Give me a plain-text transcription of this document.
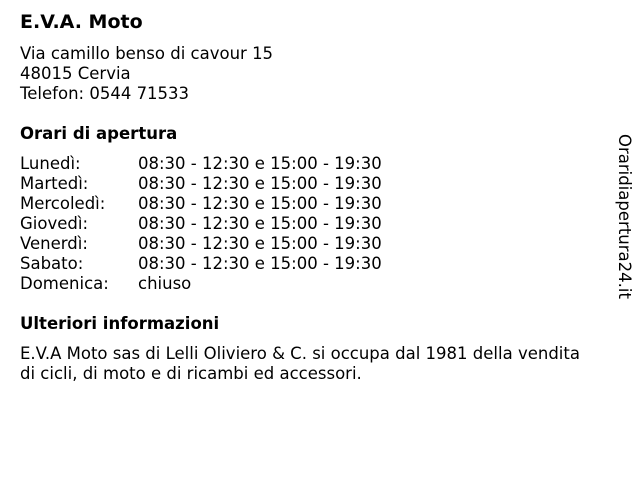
E.V.A. Moto
Via camillo benso di cavour 15
48015 Cervia
Telefon: 0544 71533
Orari di apertura
Lunedì:	08:30 - 12:30 e 15:00 - 19:30
Martedì:	08:30 - 12:30 e 15:00 - 19:30
Mercoledì:	08:30 - 12:30 e 15:00 - 19:30
Giovedì:	08:30 - 12:30 e 15:00 - 19:30
Venerdì:	08:30 - 12:30 e 15:00 - 19:30
Sabato:	08:30 - 12:30 e 15:00 - 19:30
Domenica:	chiuso
Ulteriori informazioni
E.V.A Moto sas di Lelli Oliviero & C. si occupa dal 1981 della vendita di cicli, di moto e di ricambi ed accessori.
Oraridiapertura24.it
